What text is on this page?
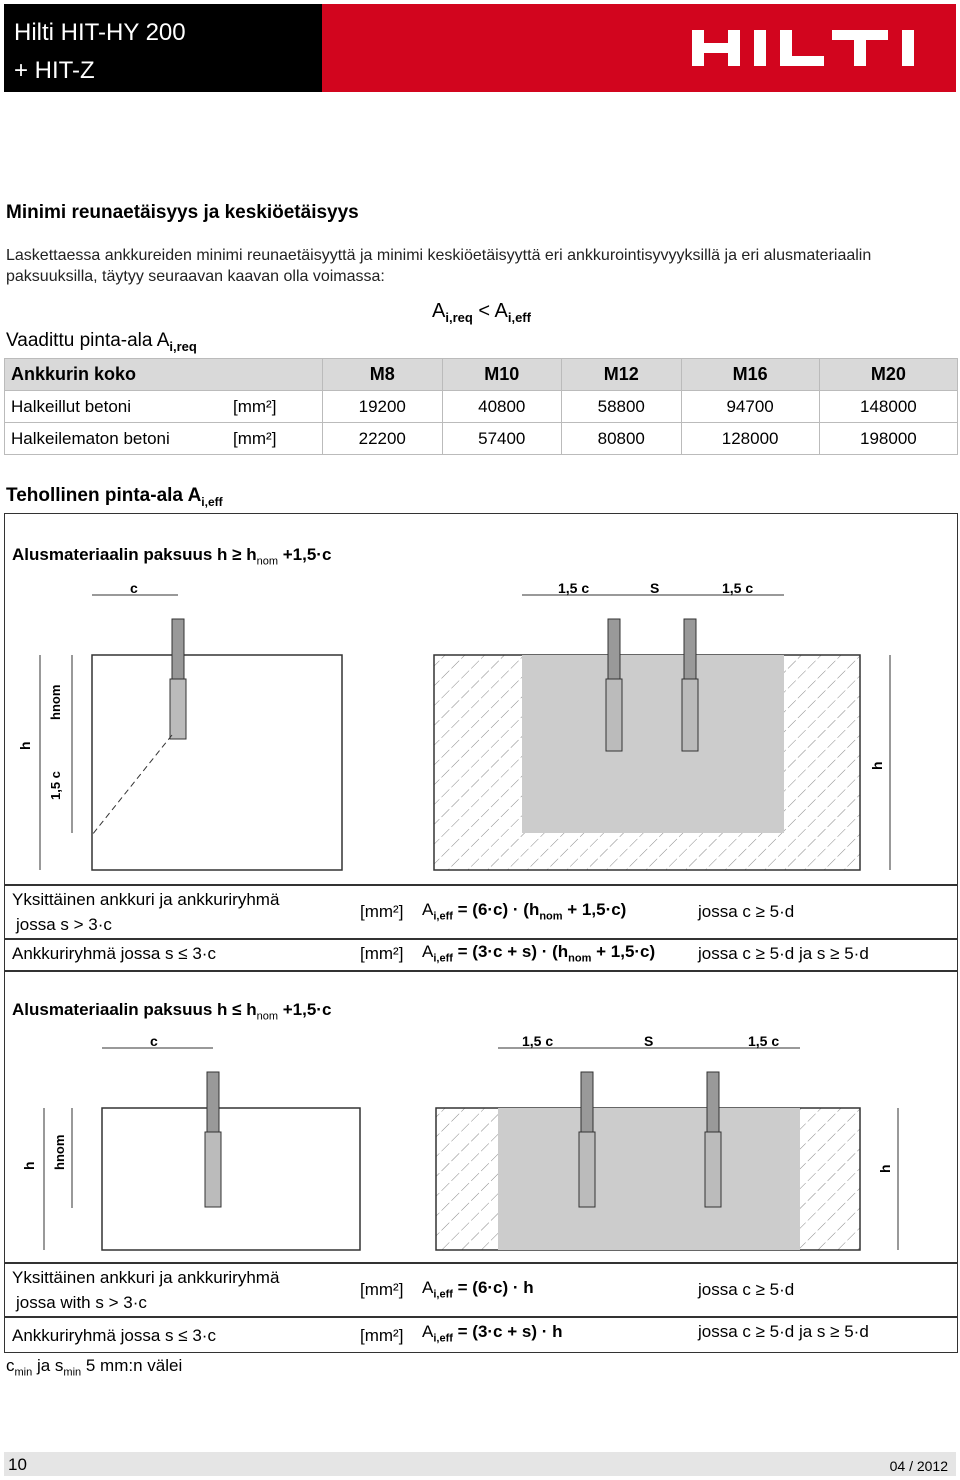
Hilti HIT-HY 200
+ HIT-Z
Minimi reunaetäisyys ja keskiöetäisyys
Laskettaessa ankkureiden minimi reunaetäisyyttä ja minimi keskiöetäisyyttä eri ankkurointisyvyyksillä ja eri alusmateriaalin paksuuksilla, täytyy seuraavan kaavan olla voimassa:
$A_{i,req} < A_{i,eff}$
Vaadittu pinta-ala $A_{i,req}$
Ankkurin koko	M8	M10	M12	M16	M20
Halkeillut betoni [mm²]	19200	40800	58800	94700	148000
Halkeilematon betoni [mm²]	22200	57400	80800	128000	198000
Tehollinen pinta-ala $A_{i,eff}$
Alusmateriaalin paksuus $h \ge h_{nom} +1,5\cdot c$
c
h
hnom
1,5 c
1,5 c	S	1,5 c
h
Yksittäinen ankkuri ja ankkuriryhmä
jossa s > 3·c
[mm²] $A_{i,eff} = (6\cdot c) \cdot (h_{nom} + 1,5\cdot c)$	jossa c ≥ 5·d
Ankkuriryhmä jossa s ≤ 3·c	[mm²] $A_{i,eff} = (3\cdot c + s) \cdot (h_{nom} + 1,5\cdot c)$	jossa c ≥ 5·d ja s ≥ 5·d
Alusmateriaalin paksuus $h \le h_{nom} +1,5\cdot c$
c
h hnom
1,5 c	S	1,5 c
h
Yksittäinen ankkuri ja ankkuriryhmä
jossa with s > 3·c
[mm²] $A_{i,eff} = (6\cdot c) \cdot h$	jossa c ≥ 5·d
Ankkuriryhmä jossa s ≤ 3·c	[mm²] $A_{i,eff} = (3\cdot c + s) \cdot h$	jossa c ≥ 5·d ja s ≥ 5·d
$c_{min}$ ja $s_{min}$ 5 mm:n välei
10	04 / 2012
